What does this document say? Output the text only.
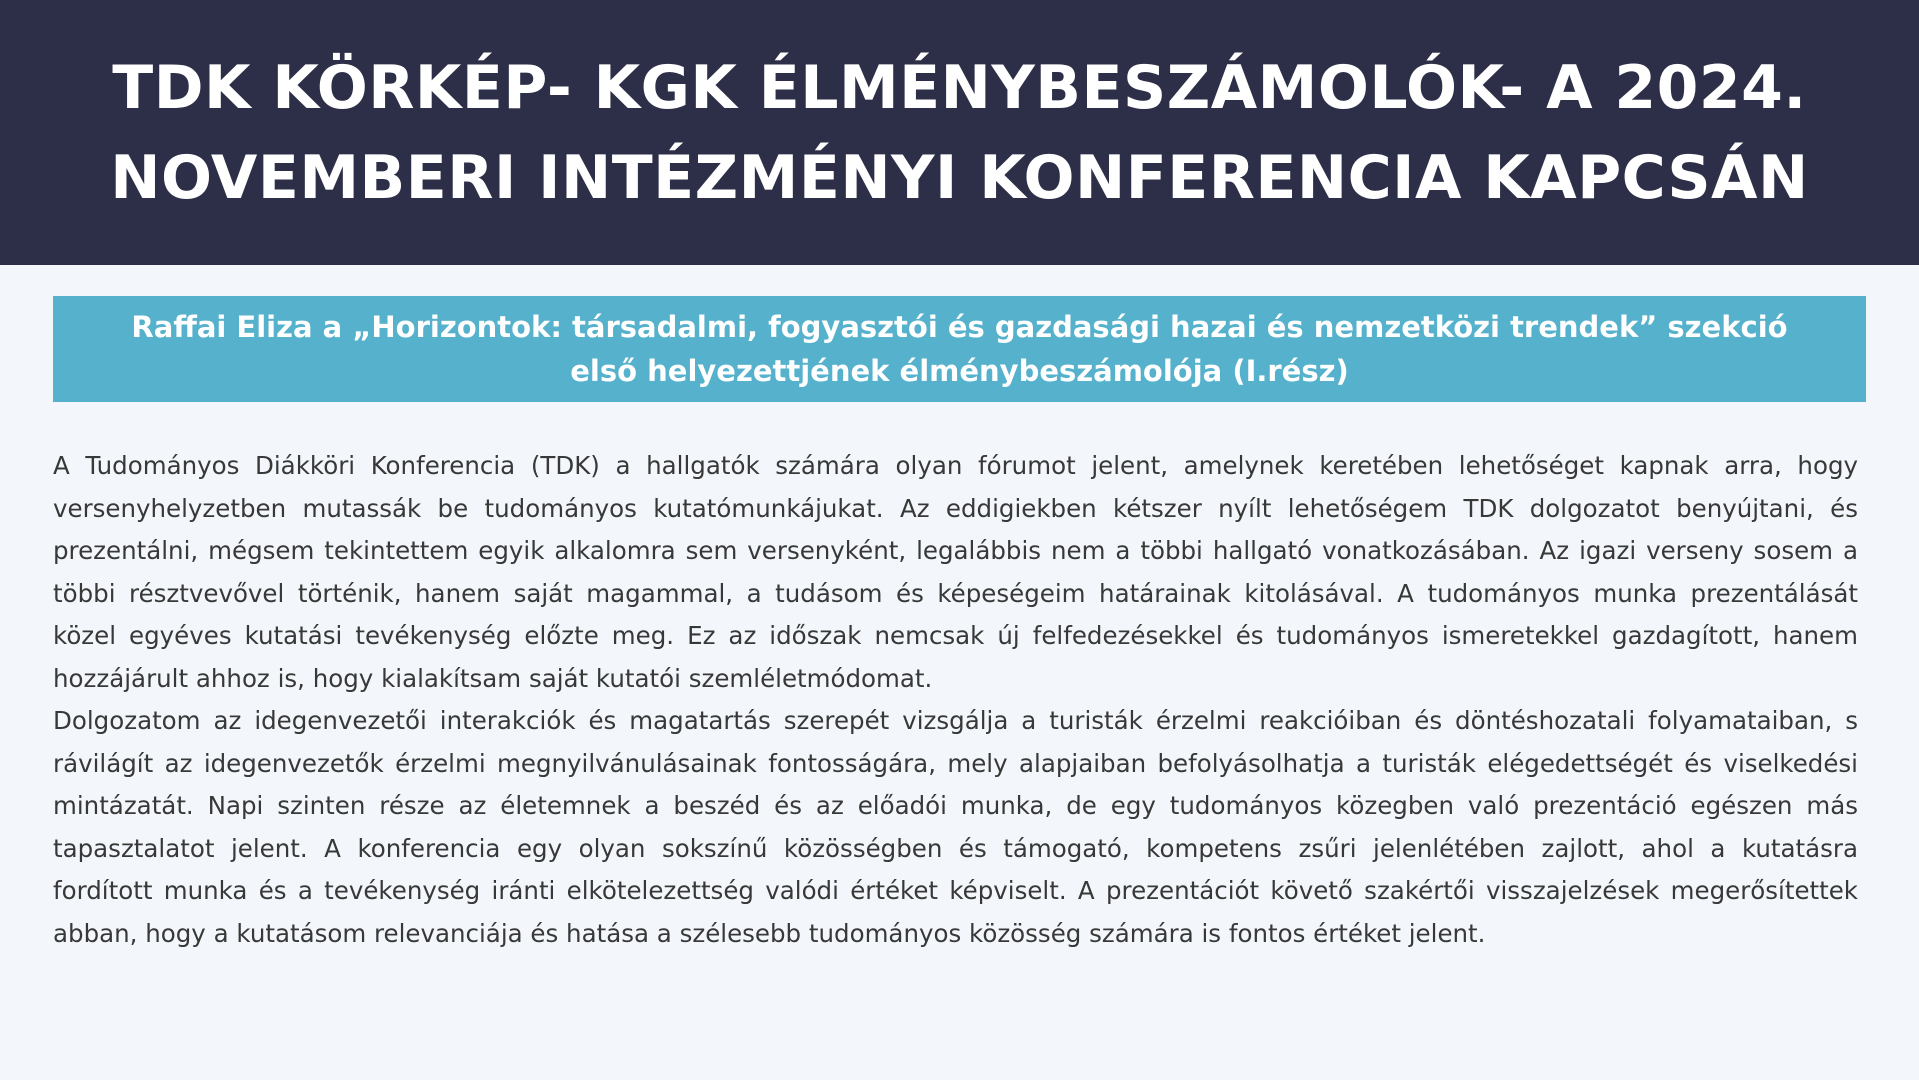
TDK KÖRKÉP- KGK ÉLMÉNYBESZÁMOLÓK- A 2024.
NOVEMBERI INTÉZMÉNYI KONFERENCIA KAPCSÁN
Raffai Eliza a „Horizontok: társadalmi, fogyasztói és gazdasági hazai és nemzetközi trendek” szekció
első helyezettjének élménybeszámolója (I.rész)
A Tudományos Diákköri Konferencia (TDK) a hallgatók számára olyan fórumot jelent, amelynek keretében lehetőséget kapnak arra, hogy
versenyhelyzetben mutassák be tudományos kutatómunkájukat. Az eddigiekben kétszer nyílt lehetőségem TDK dolgozatot benyújtani, és
prezentálni, mégsem tekintettem egyik alkalomra sem versenyként, legalábbis nem a többi hallgató vonatkozásában. Az igazi verseny sosem a
többi résztvevővel történik, hanem saját magammal, a tudásom és képeségeim határainak kitolásával. A tudományos munka prezentálását
közel egyéves kutatási tevékenység előzte meg. Ez az időszak nemcsak új felfedezésekkel és tudományos ismeretekkel gazdagított, hanem
hozzájárult ahhoz is, hogy kialakítsam saját kutatói szemléletmódomat.
Dolgozatom az idegenvezetői interakciók és magatartás szerepét vizsgálja a turisták érzelmi reakcióiban és döntéshozatali folyamataiban, s
rávilágít az idegenvezetők érzelmi megnyilvánulásainak fontosságára, mely alapjaiban befolyásolhatja a turisták elégedettségét és viselkedési
mintázatát. Napi szinten része az életemnek a beszéd és az előadói munka, de egy tudományos közegben való prezentáció egészen más
tapasztalatot jelent. A konferencia egy olyan sokszínű közösségben és támogató, kompetens zsűri jelenlétében zajlott, ahol a kutatásra
fordított munka és a tevékenység iránti elkötelezettség valódi értéket képviselt. A prezentációt követő szakértői visszajelzések megerősítettek
abban, hogy a kutatásom relevanciája és hatása a szélesebb tudományos közösség számára is fontos értéket jelent.
